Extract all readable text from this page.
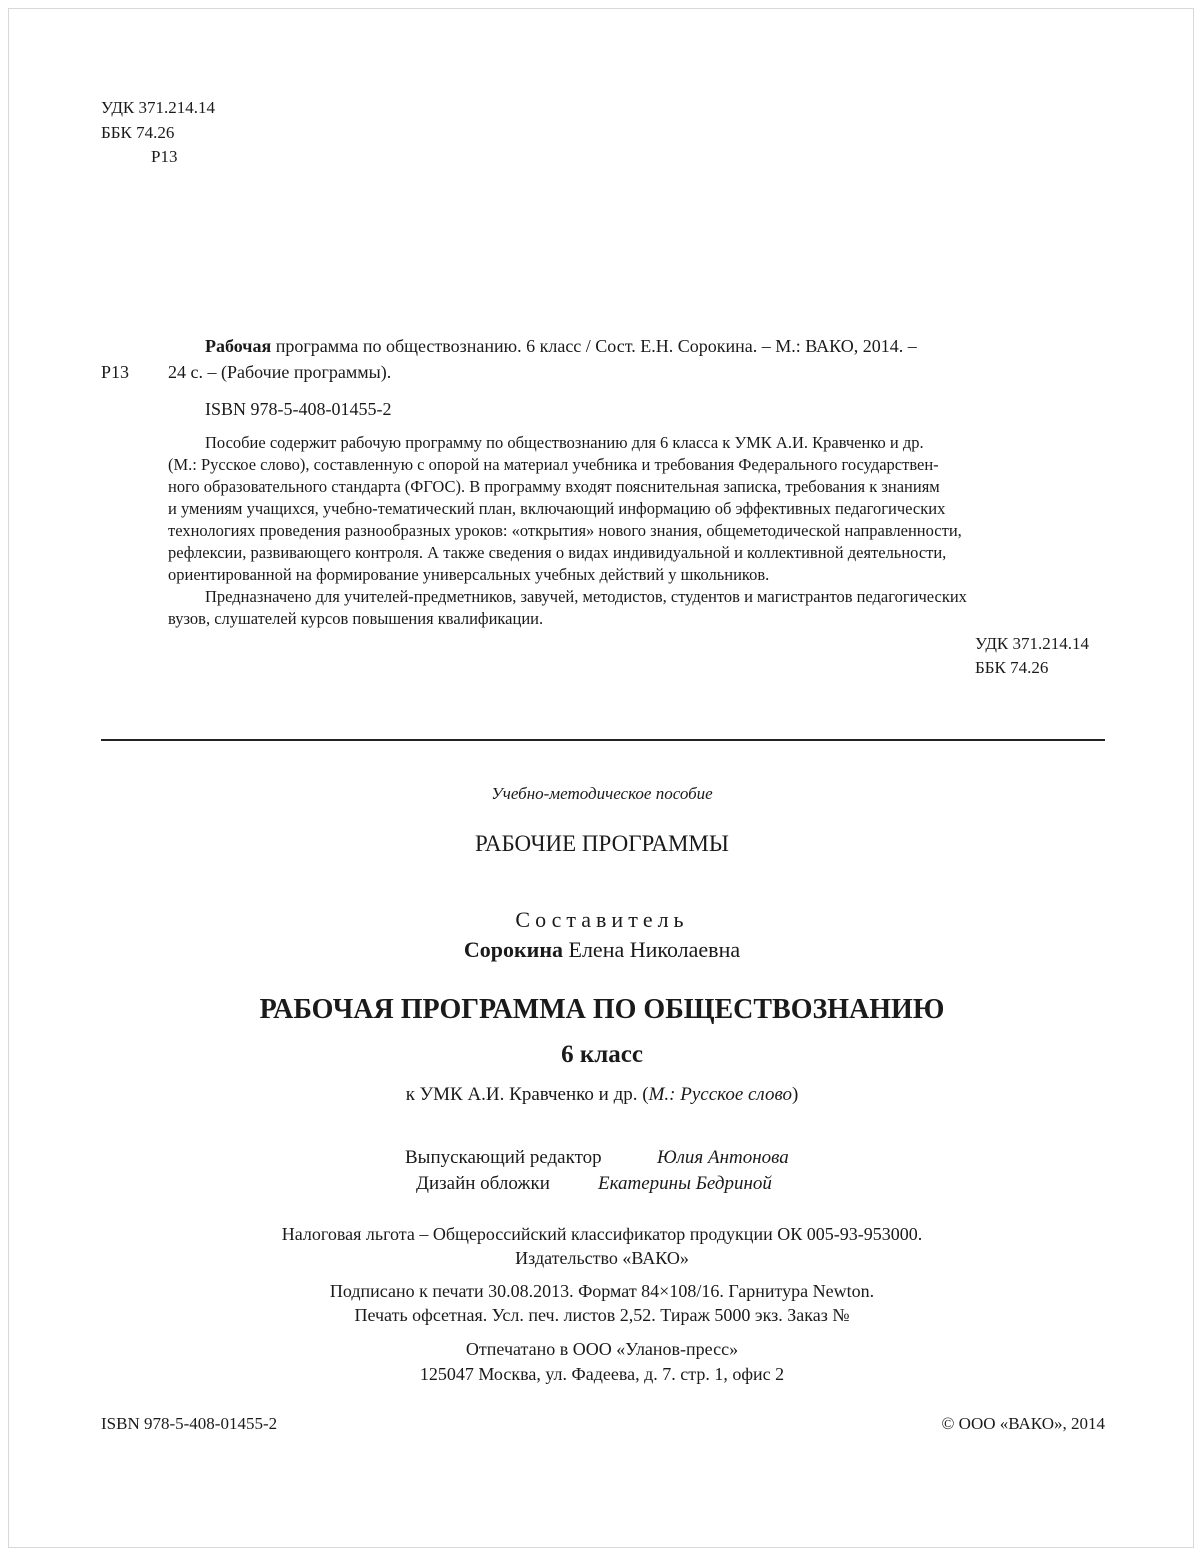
УДК 371.214.14
ББК 74.26
Р13
Рабочая программа по обществознанию. 6 класс / Сост. Е.Н. Сорокина. – М.: ВАКО, 2014. –
Р13 24 с. – (Рабочие программы).
ISBN 978-5-408-01455-2
Пособие содержит рабочую программу по обществознанию для 6 класса к УМК А.И. Кравченко и др.
(М.: Русское слово), составленную с опорой на материал учебника и требования Федерального государствен-
ного образовательного стандарта (ФГОС). В программу входят пояснительная записка, требования к знаниям
и умениям учащихся, учебно-тематический план, включающий информацию об эффективных педагогических
технологиях проведения разнообразных уроков: «открытия» нового знания, общеметодической направленности,
рефлексии, развивающего контроля. А также сведения о видах индивидуальной и коллективной деятельности,
ориентированной на формирование универсальных учебных действий у школьников.
Предназначено для учителей-предметников, завучей, методистов, студентов и магистрантов педагогических
вузов, слушателей курсов повышения квалификации.
УДК 371.214.14
ББК 74.26
Учебно-методическое пособие
РАБОЧИЕ ПРОГРАММЫ
Составитель
Сорокина Елена Николаевна
РАБОЧАЯ ПРОГРАММА ПО ОБЩЕСТВОЗНАНИЮ
6 класс
к УМК А.И. Кравченко и др. (М.: Русское слово)
Выпускающий редактор	Юлия Антонова
Дизайн обложки	Екатерины Бедриной
Налоговая льгота – Общероссийский классификатор продукции ОК 005-93-953000.
Издательство «ВАКО»
Подписано к печати 30.08.2013. Формат 84×108/16. Гарнитура Newton.
Печать офсетная. Усл. печ. листов 2,52. Тираж 5000 экз. Заказ №
Отпечатано в ООО «Уланов-пресс»
125047 Москва, ул. Фадеева, д. 7. стр. 1, офис 2
ISBN 978-5-408-01455-2	© ООО «ВАКО», 2014
